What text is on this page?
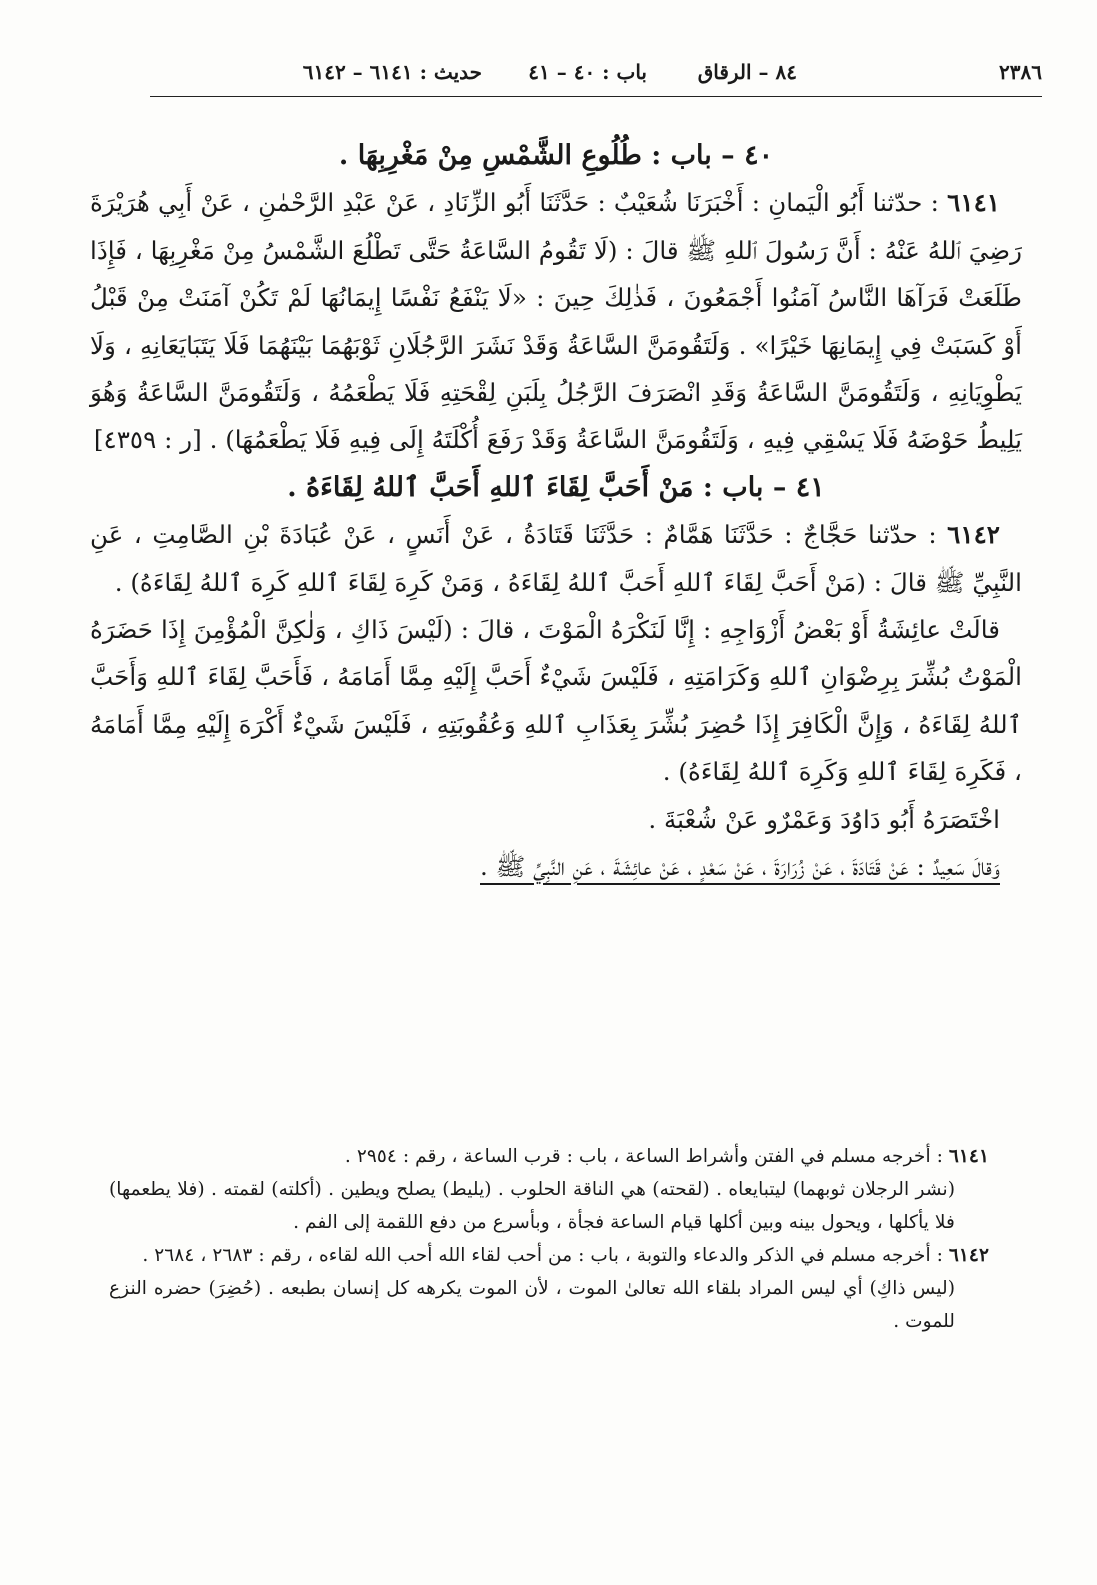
٢٣٨٦
٨٤ – الرقاق
باب : ٤٠ – ٤١
حديث : ٦١٤١ – ٦١٤٢

٤٠ – باب : طُلُوعِ الشَّمْسِ مِنْ مَغْرِبِهَا .

٦١٤١ : حدّثنا أَبُو الْيَمانِ : أَخْبَرَنَا شُعَيْبٌ : حَدَّثَنَا أَبُو الزِّنَادِ ، عَنْ عَبْدِ الرَّحْمٰنِ ، عَنْ أَبِي هُرَيْرَةَ رَضِيَ ٱللهُ عَنْهُ : أَنَّ رَسُولَ ٱللهِ ﷺ قالَ : (لَا تَقُومُ السَّاعَةُ حَتَّى تَطْلُعَ الشَّمْسُ مِنْ مَغْرِبِهَا ، فَإِذَا طَلَعَتْ فَرَآهَا النَّاسُ آمَنُوا أَجْمَعُونَ ، فَذٰلِكَ حِينَ : «لَا يَنْفَعُ نَفْسًا إِيمَانُهَا لَمْ تَكُنْ آمَنَتْ مِنْ قَبْلُ أَوْ كَسَبَتْ فِي إِيمَانِهَا خَيْرًا» . وَلَتَقُومَنَّ السَّاعَةُ وَقَدْ نَشَرَ الرَّجُلَانِ ثَوْبَهُمَا بَيْنَهُمَا فَلَا يَتَبَايَعَانِهِ ، وَلَا يَطْوِيَانِهِ ، وَلَتَقُومَنَّ السَّاعَةُ وَقَدِ انْصَرَفَ الرَّجُلُ بِلَبَنِ لِقْحَتِهِ فَلَا يَطْعَمُهُ ، وَلَتَقُومَنَّ السَّاعَةُ وَهُوَ يَلِيطُ حَوْضَهُ فَلَا يَسْقِي فِيهِ ، وَلَتَقُومَنَّ السَّاعَةُ وَقَدْ رَفَعَ أُكْلَتَهُ إِلَى فِيهِ فَلَا يَطْعَمُهَا) . [ر : ٤٣٥٩]

٤١ – باب : مَنْ أَحَبَّ لِقَاءَ ٱللهِ أَحَبَّ ٱللهُ لِقَاءَهُ .

٦١٤٢ : حدّثنا حَجَّاجٌ : حَدَّثَنَا هَمَّامٌ : حَدَّثَنَا قَتَادَةُ ، عَنْ أَنَسٍ ، عَنْ عُبَادَةَ بْنِ الصَّامِتِ ، عَنِ النَّبِيِّ ﷺ قالَ : (مَنْ أَحَبَّ لِقَاءَ ٱللهِ أَحَبَّ ٱللهُ لِقَاءَهُ ، وَمَنْ كَرِهَ لِقَاءَ ٱللهِ كَرِهَ ٱللهُ لِقَاءَهُ) .

قالَتْ عائِشَةُ أَوْ بَعْضُ أَزْوَاجِهِ : إِنَّا لَنَكْرَهُ الْمَوْتَ ، قالَ : (لَيْسَ ذَاكِ ، وَلٰكِنَّ الْمُؤْمِنَ إِذَا حَضَرَهُ الْمَوْتُ بُشِّرَ بِرِضْوَانِ ٱللهِ وَكَرَامَتِهِ ، فَلَيْسَ شَيْءٌ أَحَبَّ إِلَيْهِ مِمَّا أَمَامَهُ ، فَأَحَبَّ لِقَاءَ ٱللهِ وَأَحَبَّ ٱللهُ لِقَاءَهُ ، وَإِنَّ الْكَافِرَ إِذَا حُضِرَ بُشِّرَ بِعَذَابِ ٱللهِ وَعُقُوبَتِهِ ، فَلَيْسَ شَيْءٌ أَكْرَهَ إِلَيْهِ مِمَّا أَمَامَهُ ، فَكَرِهَ لِقَاءَ ٱللهِ وَكَرِهَ ٱللهُ لِقَاءَهُ) .

اخْتَصَرَهُ أَبُو دَاوُدَ وَعَمْرٌو عَنْ شُعْبَةَ .

وَقالَ سَعِيدٌ : عَنْ قَتَادَةَ ، عَنْ زُرَارَةَ ، عَنْ سَعْدٍ ، عَنْ عائِشَةَ ، عَنِ النَّبِيِّ ﷺ .

٦١٤١ : أخرجه مسلم في الفتن وأشراط الساعة ، باب : قرب الساعة ، رقم : ٢٩٥٤ .

(نشر الرجلان ثوبهما) ليتبايعاه . (لقحته) هي الناقة الحلوب . (يليط) يصلح ويطين . (أكلته) لقمته . (فلا يطعمها) فلا يأكلها ، ويحول بينه وبين أكلها قيام الساعة فجأة ، وبأسرع من دفع اللقمة إلى الفم .

٦١٤٢ : أخرجه مسلم في الذكر والدعاء والتوبة ، باب : من أحب لقاء الله أحب الله لقاءه ، رقم : ٢٦٨٣ ، ٢٦٨٤ .

(ليس ذاكِ) أي ليس المراد بلقاء الله تعالىٰ الموت ، لأن الموت يكرهه كل إنسان بطبعه . (حُضِرَ) حضره النزع للموت .
